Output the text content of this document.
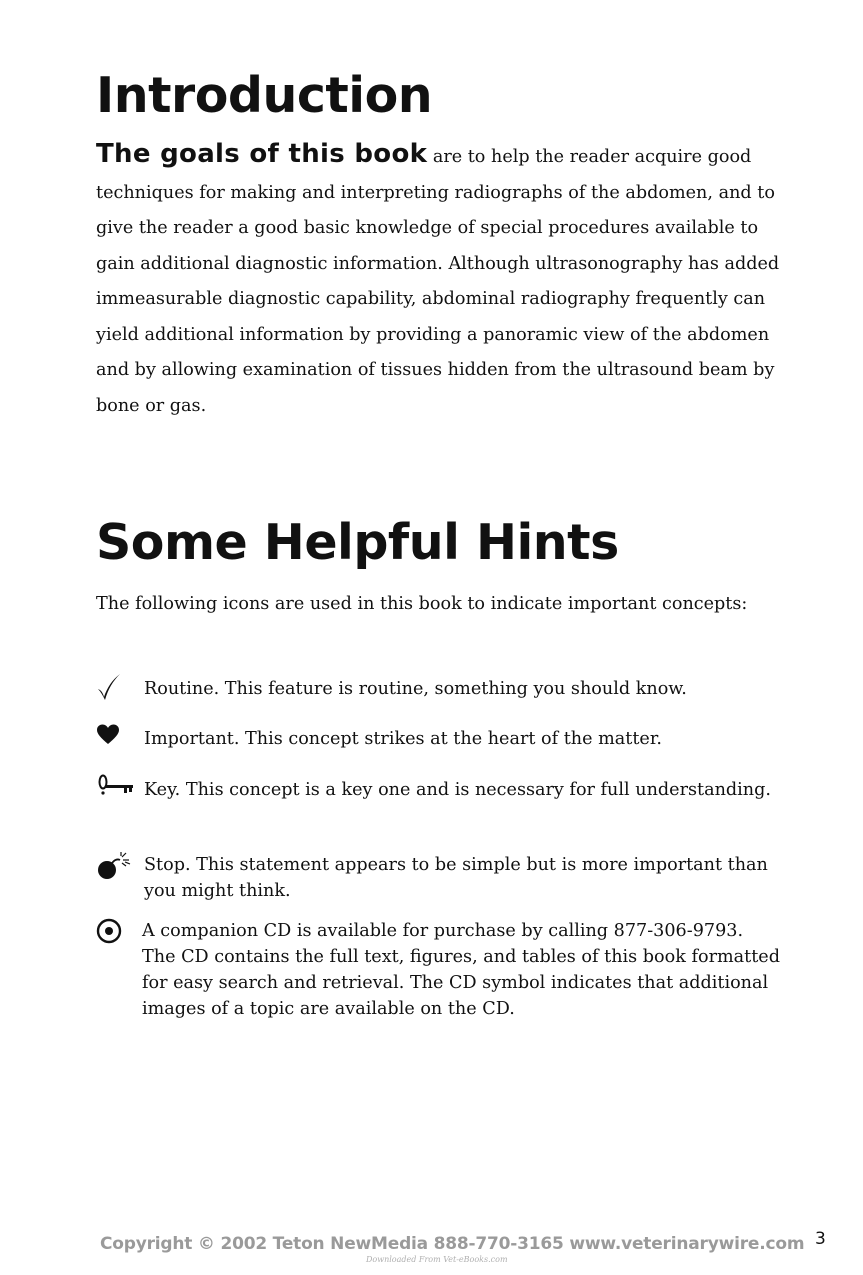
Introduction

The goals of this book are to help the reader acquire good techniques for making and interpreting radiographs of the abdomen, and to give the reader a good basic knowledge of special procedures available to gain additional diagnostic information. Although ultrasonography has added immeasurable diagnostic capability, abdominal radiography frequently can yield additional information by providing a panoramic view of the abdomen and by allowing examination of tissues hidden from the ultrasound beam by bone or gas.

Some Helpful Hints

The following icons are used in this book to indicate important concepts:

Routine. This feature is routine, something you should know.

Important. This concept strikes at the heart of the matter.

Key. This concept is a key one and is necessary for full understanding.

Stop. This statement appears to be simple but is more important than you might think.

A companion CD is available for purchase by calling 877-306-9793. The CD contains the full text, figures, and tables of this book formatted for easy search and retrieval. The CD symbol indicates that additional images of a topic are available on the CD.

Copyright © 2002 Teton NewMedia 888-770-3165 www.veterinarywire.com
Downloaded From Vet-eBooks.com
3
